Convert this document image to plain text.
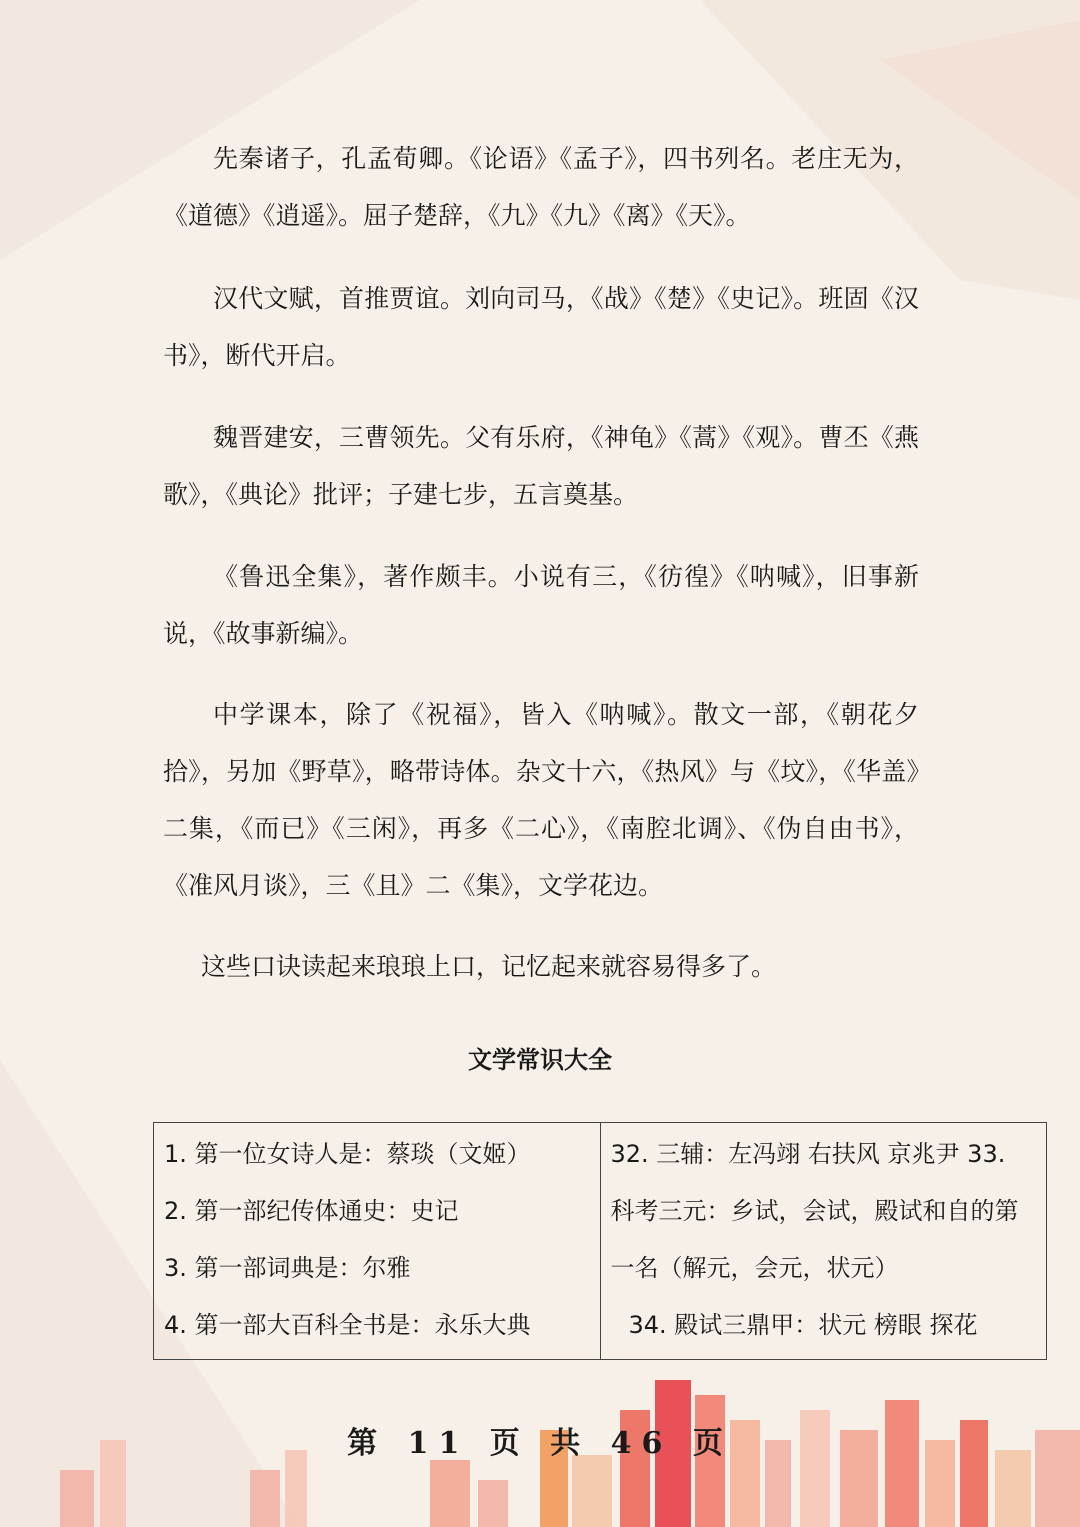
先秦诸子，孔孟荀卿。《论语》《孟子》，四书列名。老庄无为，《道德》《逍遥》。屈子楚辞，《九》《九》《离》《天》。

汉代文赋，首推贾谊。刘向司马，《战》《楚》《史记》。班固《汉书》，断代开启。

魏晋建安，三曹领先。父有乐府，《神龟》《蒿》《观》。曹丕《燕歌》，《典论》批评；子建七步，五言奠基。

《鲁迅全集》，著作颇丰。小说有三，《彷徨》《呐喊》，旧事新说，《故事新编》。

中学课本，除了《祝福》，皆入《呐喊》。散文一部，《朝花夕拾》，另加《野草》，略带诗体。杂文十六，《热风》与《坟》，《华盖》二集，《而已》《三闲》，再多《二心》，《南腔北调》、《伪自由书》，《准风月谈》，三《且》二《集》，文学花边。

这些口诀读起来琅琅上口，记忆起来就容易得多了。

文学常识大全
1. 第一位女诗人是：蔡琰（文姬）
2. 第一部纪传体通史：史记
3. 第一部词典是：尔雅
4. 第一部大百科全书是：永乐大典

32. 三辅：左冯翊 右扶风 京兆尹 33.
科考三元：乡试，会试，殿试和自的第
一名（解元，会元，状元）
34. 殿试三鼎甲：状元 榜眼 探花

第 11 页 共 46 页
